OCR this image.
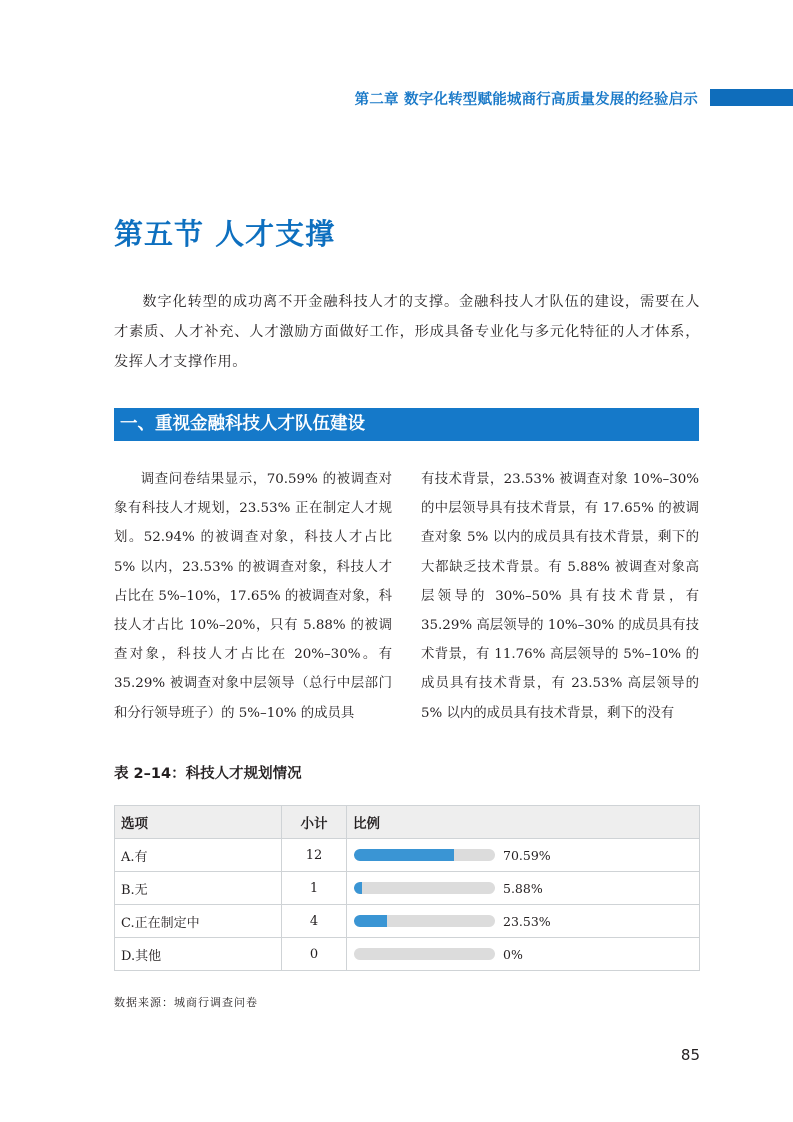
第二章 数字化转型赋能城商行高质量发展的经验启示
第五节 人才支撑
数字化转型的成功离不开金融科技人才的支撑。金融科技人才队伍的建设，需要在人才素质、人才补充、人才激励方面做好工作，形成具备专业化与多元化特征的人才体系，发挥人才支撑作用。
一、重视金融科技人才队伍建设

调查问卷结果显示，70.59% 的被调查对象有科技人才规划，23.53% 正在制定人才规划。52.94% 的被调查对象，科技人才占比 5% 以内，23.53% 的被调查对象，科技人才占比在 5%–10%，17.65% 的被调查对象，科技人才占比 10%–20%，只有 5.88% 的被调查对象，科技人才占比在 20%–30%。有 35.29% 被调查对象中层领导（总行中层部门和分行领导班子）的 5%–10% 的成员具

有技术背景，23.53% 被调查对象 10%–30% 的中层领导具有技术背景，有 17.65% 的被调查对象 5% 以内的成员具有技术背景，剩下的大都缺乏技术背景。有 5.88% 被调查对象高层领导的 30%–50% 具有技术背景，有 35.29% 高层领导的 10%–30% 的成员具有技术背景，有 11.76% 高层领导的 5%–10% 的成员具有技术背景，有 23.53% 高层领导的 5% 以内的成员具有技术背景，剩下的没有

表 2–14：科技人才规划情况
选项	小计	比例
A.有	12	70.59%

B.无	1	5.88%

C.正在制定中	4	23.53%

D.其他	0	0%
数据来源：城商行调查问卷
85
